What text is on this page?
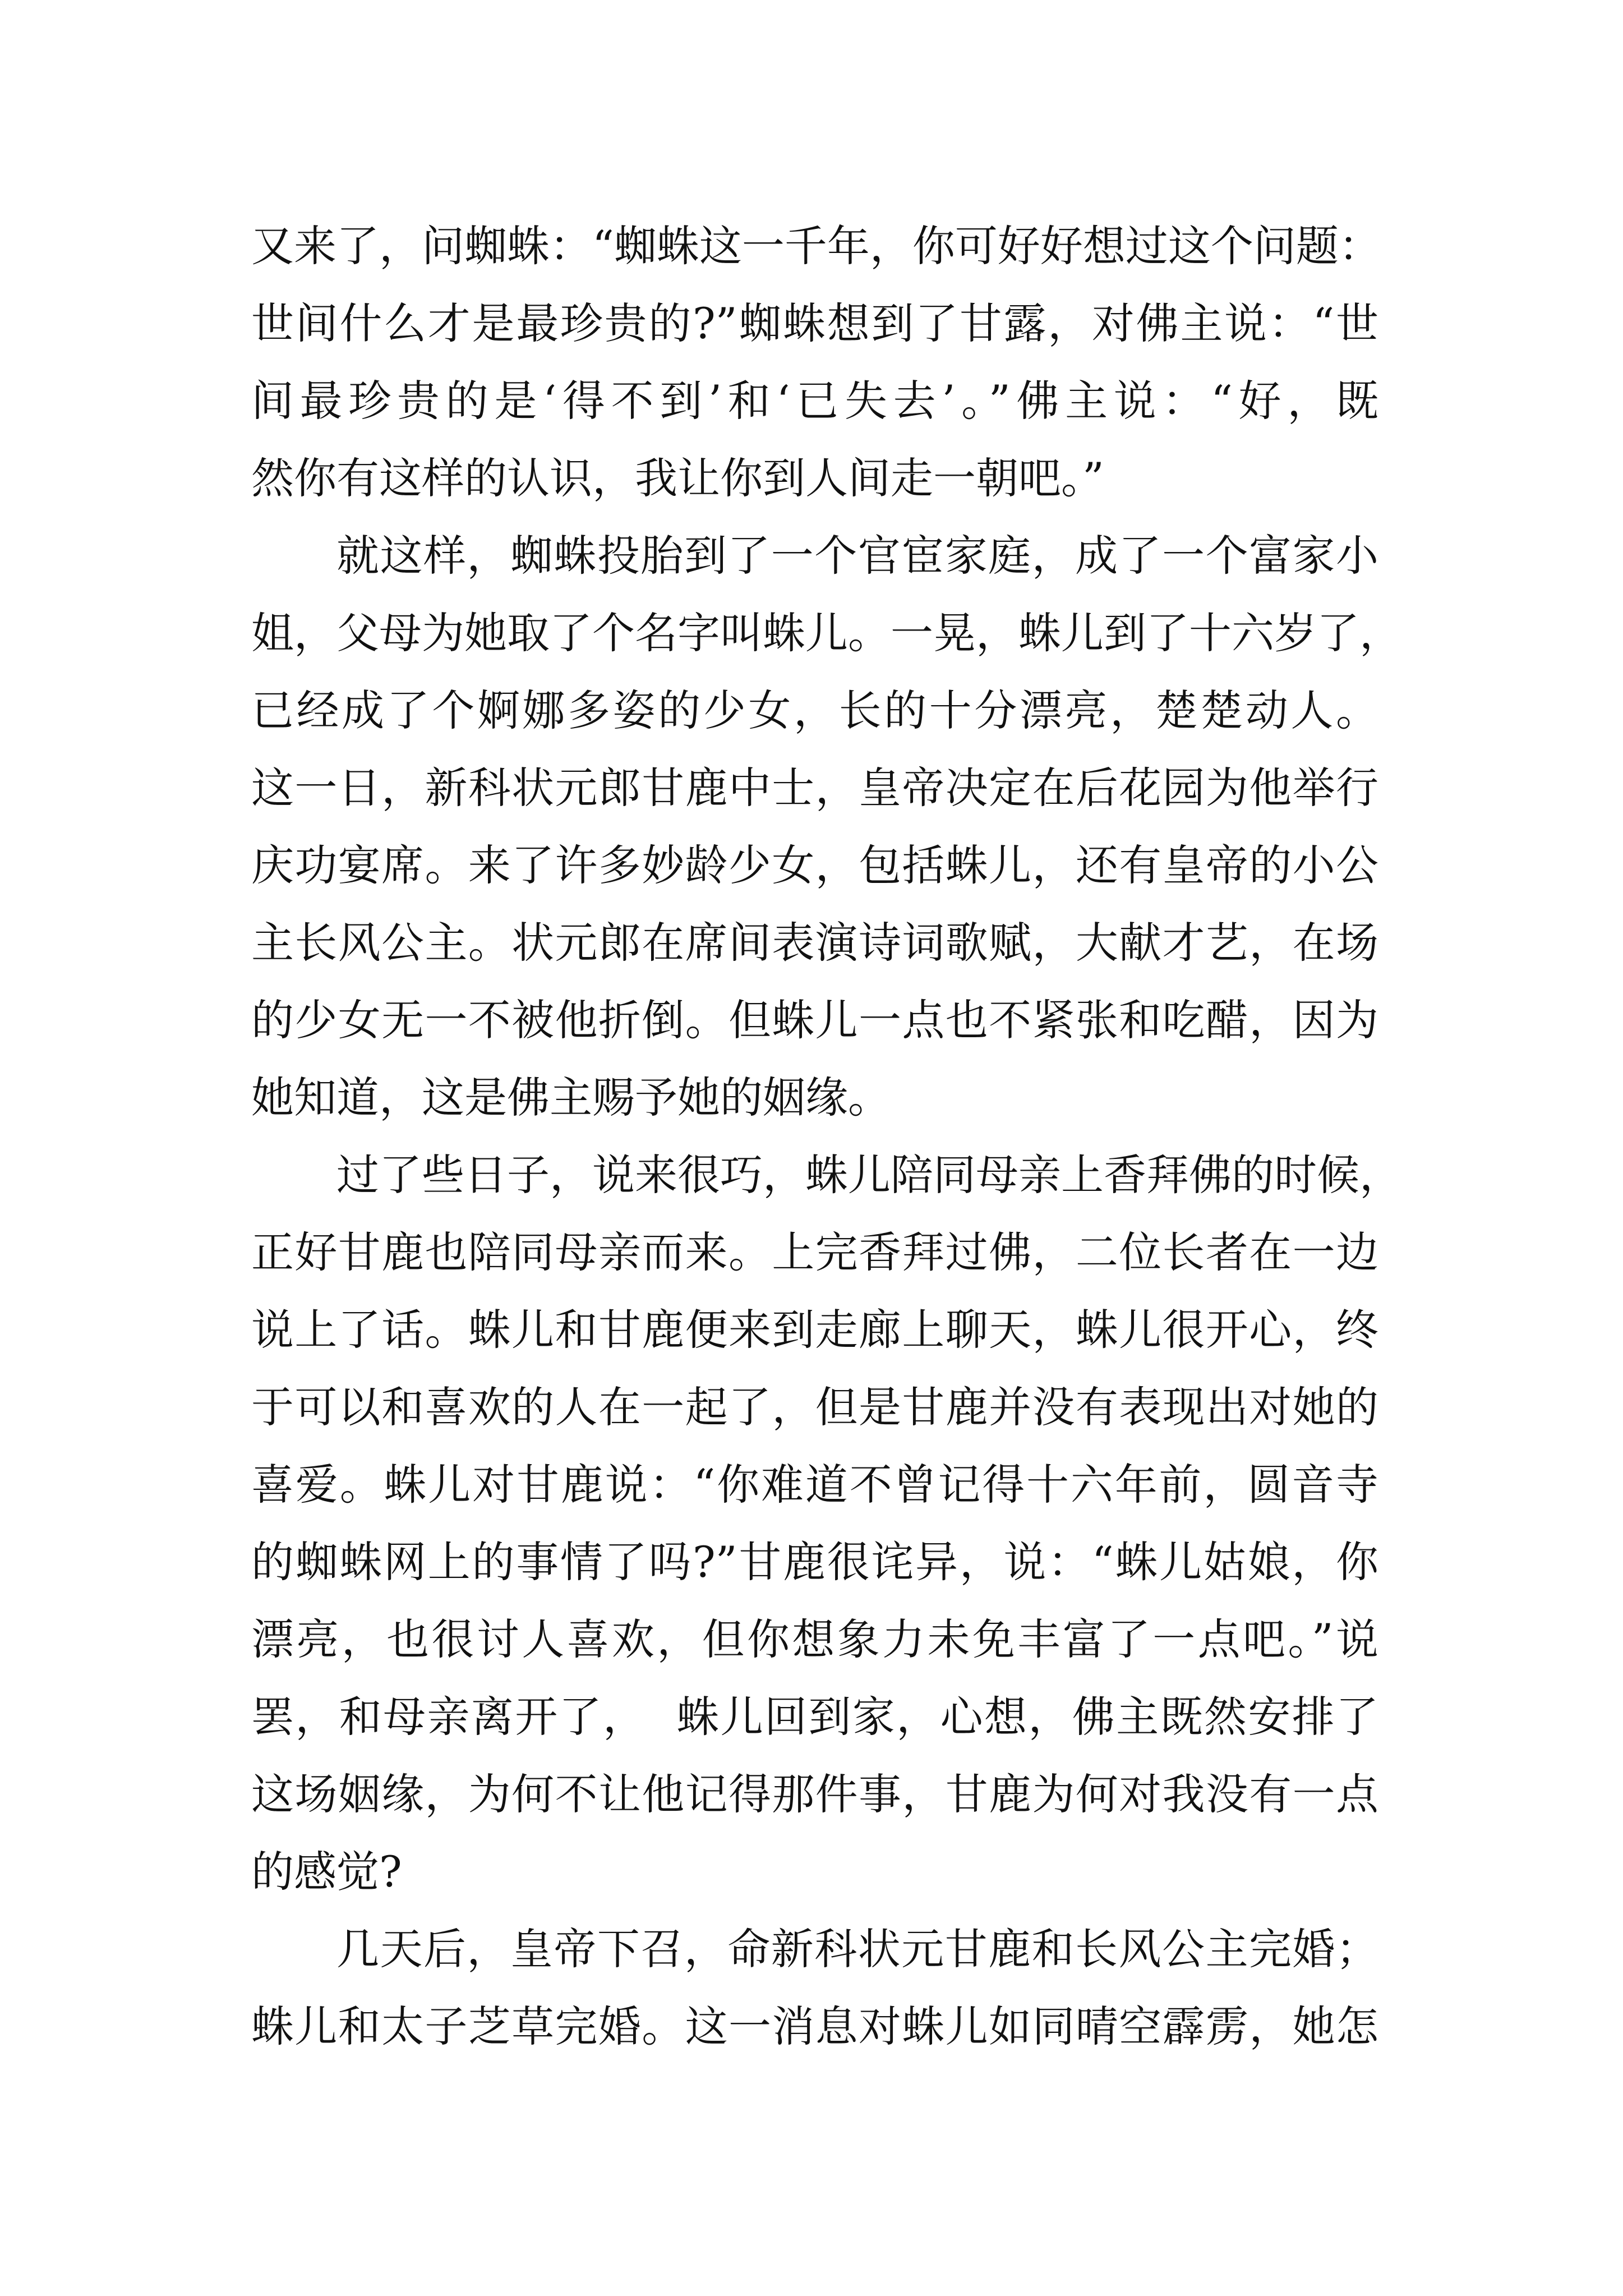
又来了，问蜘蛛：“蜘蛛这一千年，你可好好想过这个问题：
世间什么才是最珍贵的?”蜘蛛想到了甘露，对佛主说：“世
间最珍贵的是‘得不到’和‘已失去’。”佛主说：“好，既
然你有这样的认识，我让你到人间走一朝吧。”
就这样，蜘蛛投胎到了一个官宦家庭，成了一个富家小
姐，父母为她取了个名字叫蛛儿。一晃，蛛儿到了十六岁了，
已经成了个婀娜多姿的少女，长的十分漂亮，楚楚动人。
这一日，新科状元郎甘鹿中士，皇帝决定在后花园为他举行
庆功宴席。来了许多妙龄少女，包括蛛儿，还有皇帝的小公
主长风公主。状元郎在席间表演诗词歌赋，大献才艺，在场
的少女无一不被他折倒。但蛛儿一点也不紧张和吃醋，因为
她知道，这是佛主赐予她的姻缘。
过了些日子，说来很巧，蛛儿陪同母亲上香拜佛的时候，
正好甘鹿也陪同母亲而来。上完香拜过佛，二位长者在一边
说上了话。蛛儿和甘鹿便来到走廊上聊天，蛛儿很开心，终
于可以和喜欢的人在一起了，但是甘鹿并没有表现出对她的
喜爱。蛛儿对甘鹿说：“你难道不曾记得十六年前，圆音寺
的蜘蛛网上的事情了吗?”甘鹿很诧异，说：“蛛儿姑娘，你
漂亮，也很讨人喜欢，但你想象力未免丰富了一点吧。”说
罢，和母亲离开了，  蛛儿回到家，心想，佛主既然安排了
这场姻缘，为何不让他记得那件事，甘鹿为何对我没有一点
的感觉?
几天后，皇帝下召，命新科状元甘鹿和长风公主完婚；
蛛儿和太子芝草完婚。这一消息对蛛儿如同晴空霹雳，她怎
